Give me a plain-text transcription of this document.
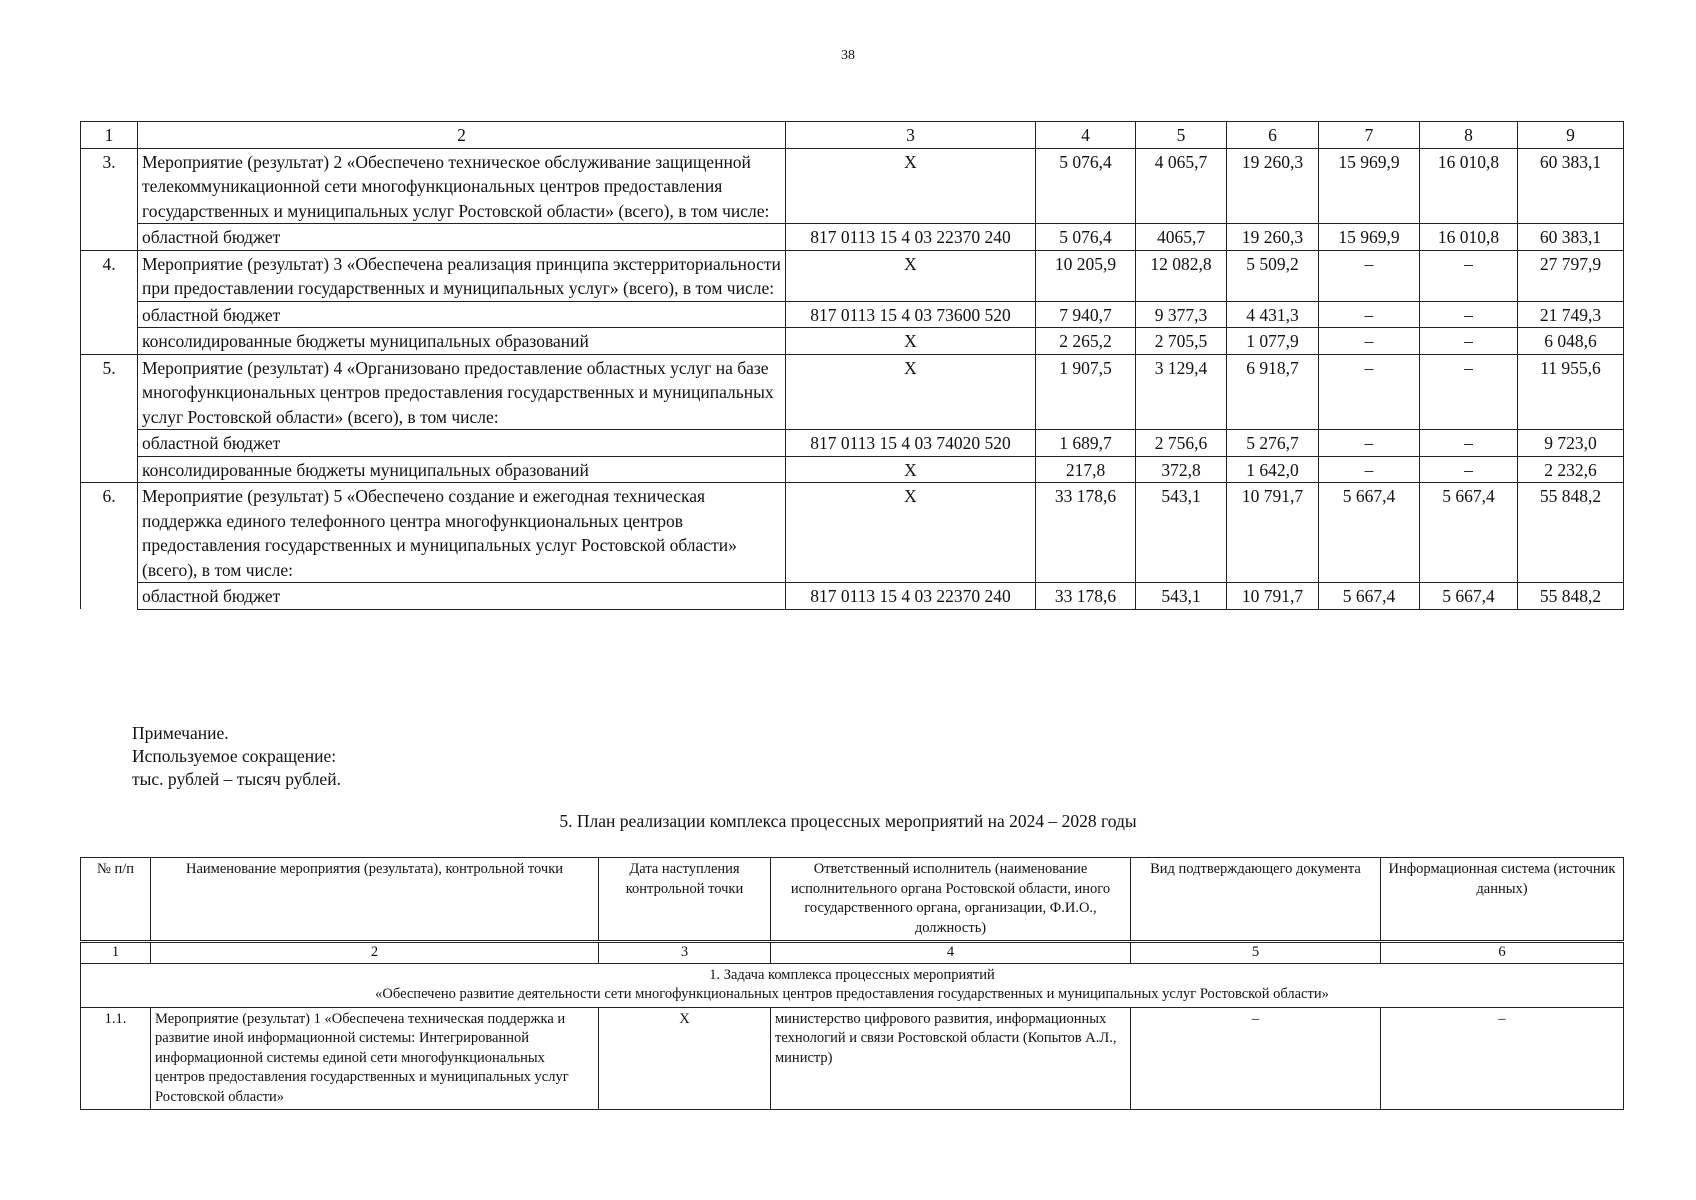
38
1	2	3	4	5	6	7	8	9
3.	Мероприятие (результат) 2 «Обеспечено техническое обслуживание защищенной телекоммуникационной сети многофункциональных центров предоставления государственных и муниципальных услуг Ростовской области» (всего), в том числе:	X	5 076,4	4 065,7	19 260,3	15 969,9	16 010,8	60 383,1
	областной бюджет	817 0113 15 4 03 22370 240	5 076,4	4065,7	19 260,3	15 969,9	16 010,8	60 383,1
4.	Мероприятие (результат) 3 «Обеспечена реализация принципа экстерриториальности при предоставлении государственных и муниципальных услуг» (всего), в том числе:	X	10 205,9	12 082,8	5 509,2	–	–	27 797,9
	областной бюджет	817 0113 15 4 03 73600 520	7 940,7	9 377,3	4 431,3	–	–	21 749,3
	консолидированные бюджеты муниципальных образований	X	2 265,2	2 705,5	1 077,9	–	–	6 048,6
5.	Мероприятие (результат) 4 «Организовано предоставление областных услуг на базе многофункциональных центров предоставления государственных и муниципальных услуг Ростовской области» (всего), в том числе:	X	1 907,5	3 129,4	6 918,7	–	–	11 955,6
	областной бюджет	817 0113 15 4 03 74020 520	1 689,7	2 756,6	5 276,7	–	–	9 723,0
	консолидированные бюджеты муниципальных образований	X	217,8	372,8	1 642,0	–	–	2 232,6
6.	Мероприятие (результат) 5 «Обеспечено создание и ежегодная техническая поддержка единого телефонного центра многофункциональных центров предоставления государственных и муниципальных услуг Ростовской области» (всего), в том числе:	X	33 178,6	543,1	10 791,7	5 667,4	5 667,4	55 848,2
	областной бюджет	817 0113 15 4 03 22370 240	33 178,6	543,1	10 791,7	5 667,4	5 667,4	55 848,2
Примечание.
Используемое сокращение:
тыс. рублей – тысяч рублей.
5. План реализации комплекса процессных мероприятий на 2024 – 2028 годы
№ п/п	Наименование мероприятия (результата), контрольной точки	Дата наступления контрольной точки	Ответственный исполнитель (наименование исполнительного органа Ростовской области, иного государственного органа, организации, Ф.И.О., должность)	Вид подтверждающего документа	Информационная система (источник данных)
1	2	3	4	5	6

1. Задача комплекса процессных мероприятий
«Обеспечено развитие деятельности сети многофункциональных центров предоставления государственных и муниципальных услуг Ростовской области»					

1.1.	Мероприятие (результат) 1 «Обеспечена техническая поддержка и развитие иной информационной системы: Интегрированной информационной системы единой сети многофункциональных центров предоставления государственных и муниципальных услуг Ростовской области»	X	министерство цифрового развития, информационных технологий и связи Ростовской области (Копытов А.Л., министр)	–	–
